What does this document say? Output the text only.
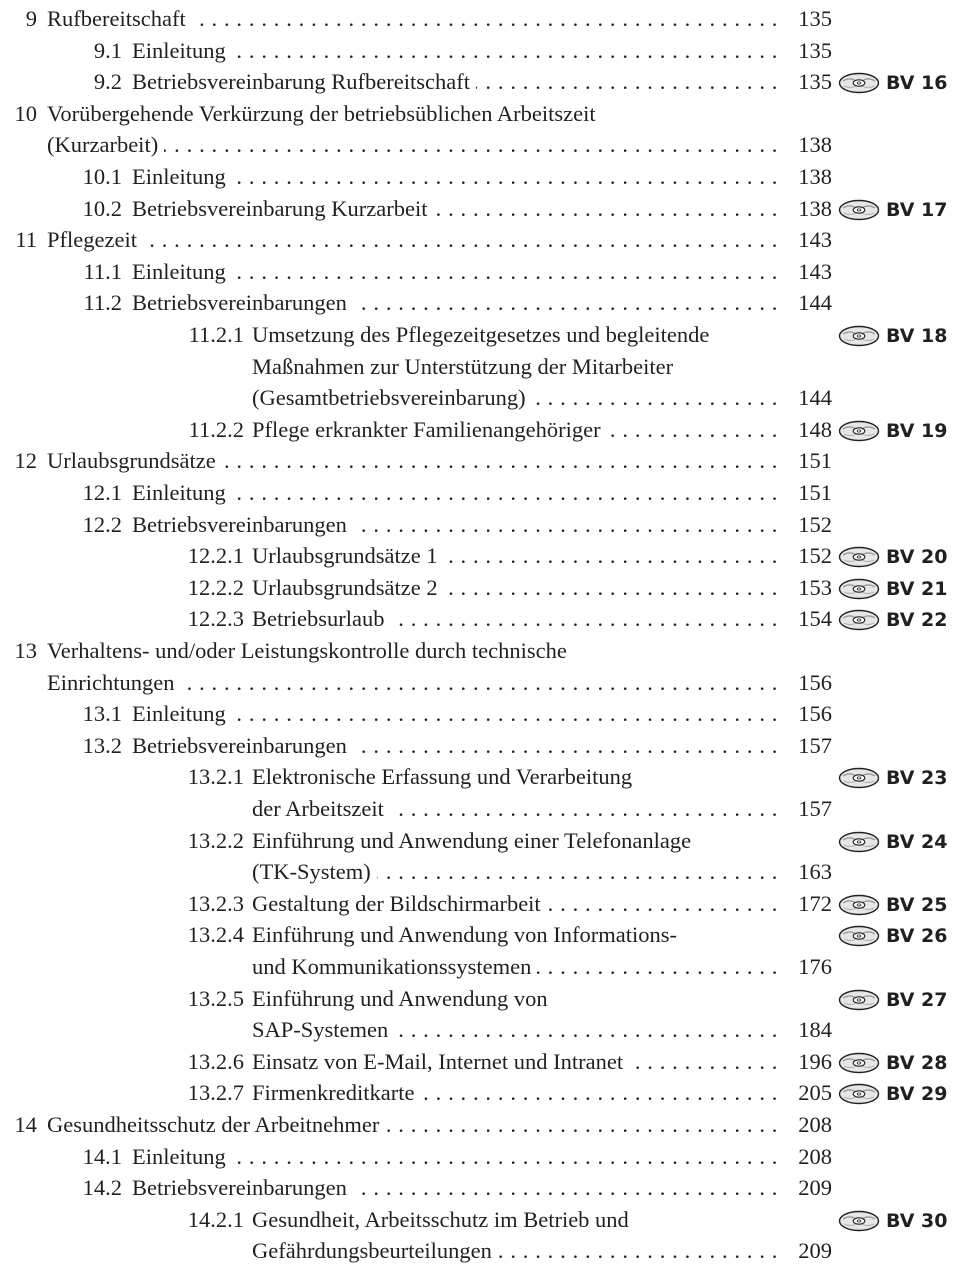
9 Rufbereitschaft . . .	135
9.1 Einleitung . . .	135
9.2 Betriebsvereinbarung Rufbereitschaft . . .	135	BV 16
10 Vorübergehende Verkürzung der betriebsüblichen Arbeitszeit
(Kurzarbeit) . . .	138
10.1 Einleitung . . .	138
10.2 Betriebsvereinbarung Kurzarbeit . . .	138	BV 17
11 Pflegezeit . . .	143
11.1 Einleitung . . .	143
11.2 Betriebsvereinbarungen . . .	144
11.2.1 Umsetzung des Pflegezeitgesetzes und begleitende	BV 18
Maßnahmen zur Unterstützung der Mitarbeiter
(Gesamtbetriebsvereinbarung) . . .	144
11.2.2 Pflege erkrankter Familienangehöriger . . .	148	BV 19
12 Urlaubsgrundsätze . . .	151
12.1 Einleitung . . .	151
12.2 Betriebsvereinbarungen . . .	152
12.2.1 Urlaubsgrundsätze 1 . . .	152	BV 20
12.2.2 Urlaubsgrundsätze 2 . . .	153	BV 21
12.2.3 Betriebsurlaub . . .	154	BV 22
13 Verhaltens- und/oder Leistungskontrolle durch technische
Einrichtungen . . .	156
13.1 Einleitung . . .	156
13.2 Betriebsvereinbarungen . . .	157
13.2.1 Elektronische Erfassung und Verarbeitung	BV 23
der Arbeitszeit . . .	157
13.2.2 Einführung und Anwendung einer Telefonanlage	BV 24
(TK-System) . . .	163
13.2.3 Gestaltung der Bildschirmarbeit . . .	172	BV 25
13.2.4 Einführung und Anwendung von Informations-	BV 26
und Kommunikationssystemen . . .	176
13.2.5 Einführung und Anwendung von	BV 27
SAP-Systemen . . .	184
13.2.6 Einsatz von E-Mail, Internet und Intranet . . .	196	BV 28
13.2.7 Firmenkreditkarte . . .	205	BV 29
14 Gesundheitsschutz der Arbeitnehmer . . .	208
14.1 Einleitung . . .	208
14.2 Betriebsvereinbarungen . . .	209
14.2.1 Gesundheit, Arbeitsschutz im Betrieb und	BV 30
Gefährdungsbeurteilungen . . .	209
